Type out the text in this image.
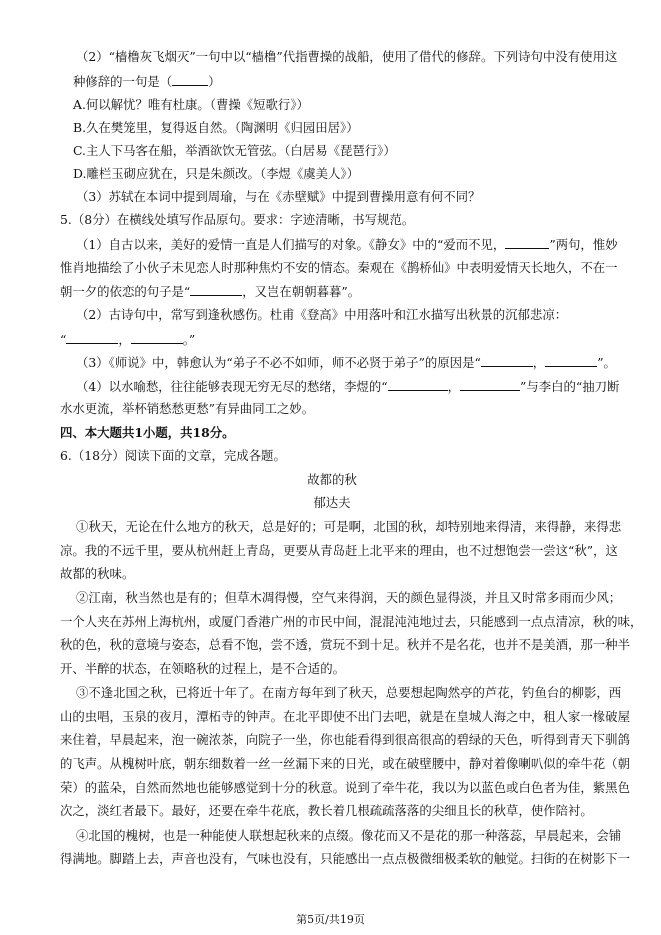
（2）“樯橹灰飞烟灭”一句中以“樯橹”代指曹操的战船，使用了借代的修辞。下列诗句中没有使用这
种修辞的一句是（	）
A.何以解忧？唯有杜康。（曹操《短歌行》）
B.久在樊笼里，复得返自然。（陶渊明《归园田居》）
C.主人下马客在船，举酒欲饮无管弦。（白居易《琵琶行》）
D.雕栏玉砌应犹在，只是朱颜改。（李煜《虞美人》）
（3）苏轼在本词中提到周瑜，与在《赤壁赋》中提到曹操用意有何不同？
5.（8分）在横线处填写作品原句。要求：字迹清晰，书写规范。
（1）自古以来，美好的爱情一直是人们描写的对象。《静女》中的“爱而不见，	”两句，惟妙
惟肖地描绘了小伙子未见恋人时那种焦灼不安的情态。秦观在《鹊桥仙》中表明爱情天长地久，不在一
朝一夕的依恋的句子是“	，又岂在朝朝暮暮”。
（2）古诗句中，常写到逢秋感伤。杜甫《登高》中用落叶和江水描写出秋景的沉郁悲凉：
“	，	。”
（3）《师说》中，韩愈认为“弟子不必不如师，师不必贤于弟子”的原因是“	，	”。
（4）以水喻愁，往往能够表现无穷无尽的愁绪，李煜的“	，	”与李白的“抽刀断
水水更流，举杯销愁愁更愁”有异曲同工之妙。
四、本大题共1小题，共18分。
6.（18分）阅读下面的文章，完成各题。
故都的秋
郁达夫
①秋天，无论在什么地方的秋天，总是好的；可是啊，北国的秋，却特别地来得清，来得静，来得悲
凉。我的不远千里，要从杭州赶上青岛，更要从青岛赶上北平来的理由，也不过想饱尝一尝这“秋”，这
故都的秋味。
②江南，秋当然也是有的；但草木凋得慢，空气来得润，天的颜色显得淡，并且又时常多雨而少风；
一个人夹在苏州上海杭州，或厦门香港广州的市民中间，混混沌沌地过去，只能感到一点点清凉，秋的味，
秋的色，秋的意境与姿态，总看不饱，尝不透，赏玩不到十足。秋并不是名花，也并不是美酒，那一种半
开、半醉的状态，在领略秋的过程上，是不合适的。
③不逢北国之秋，已将近十年了。在南方每年到了秋天，总要想起陶然亭的芦花，钓鱼台的柳影，西
山的虫唱，玉泉的夜月，潭柘寺的钟声。在北平即使不出门去吧，就是在皇城人海之中，租人家一椽破屋
来住着，早晨起来，泡一碗浓茶，向院子一坐，你也能看得到很高很高的碧绿的天色，听得到青天下驯鸽
的飞声。从槐树叶底，朝东细数着一丝一丝漏下来的日光，或在破壁腰中，静对着像喇叭似的牵牛花（朝
荣）的蓝朵，自然而然地也能够感觉到十分的秋意。说到了牵牛花，我以为以蓝色或白色者为佳，紫黑色
次之，淡红者最下。最好，还要在牵牛花底，教长着几根疏疏落落的尖细且长的秋草，使作陪衬。
④北国的槐树，也是一种能使人联想起秋来的点缀。像花而又不是花的那一种落蕊，早晨起来，会铺
得满地。脚踏上去，声音也没有，气味也没有，只能感出一点点极微细极柔软的触觉。扫街的在树影下一
第5页/共19页
